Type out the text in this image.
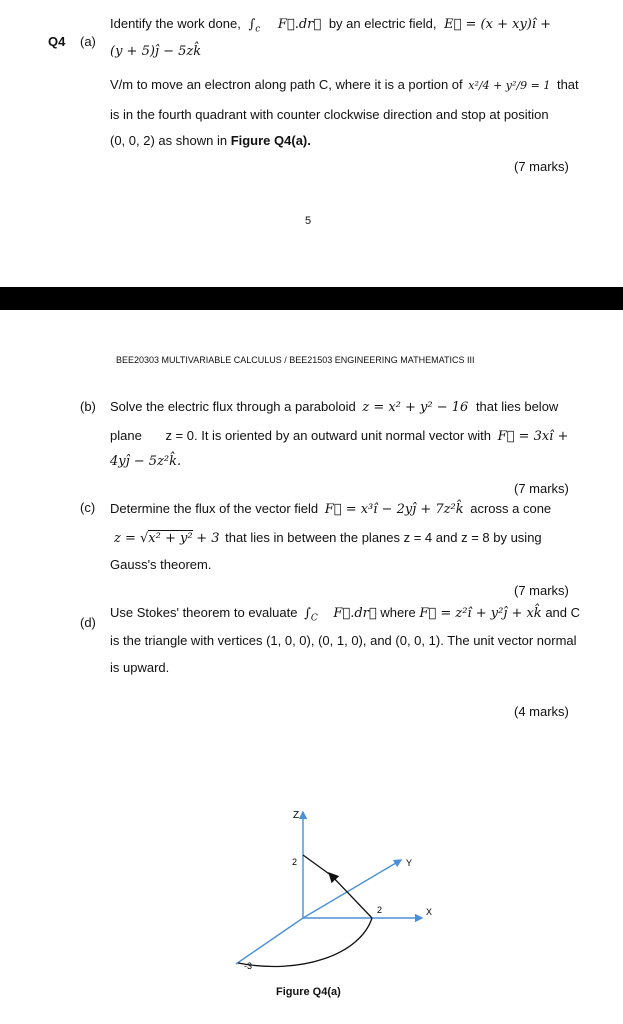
Q4 (a)
Identify the work done, $\int_c$ F⃗.dr⃗ by an electric field, E⃗ = (x + xy)î +
(y + 5)ĵ − 5zk̂
V/m to move an electron along path C, where it is a portion of x²/4 + y²/9 = 1 that
is in the fourth quadrant with counter clockwise direction and stop at position
(0, 0, 2) as shown in Figure Q4(a).
(7 marks)
5
BEE20303 MULTIVARIABLE CALCULUS / BEE21503 ENGINEERING MATHEMATICS III
(b) Solve the electric flux through a paraboloid z = x² + y² − 16 that lies below
plane z = 0. It is oriented by an outward unit normal vector with F⃗ = 3xî +
4yĵ − 5z²k̂.
(7 marks)
(c) Determine the flux of the vector field F⃗ = x³î − 2yĵ + 7z²k̂ across a cone
z = √x² + y² + 3 that lies in between the planes z = 4 and z = 8 by using
Gauss's theorem.
(7 marks)
(d)
Use Stokes' theorem to evaluate $\int_C$ F⃗.dr⃗ where F⃗ = z²î + y²ĵ + xk̂ and C
is the triangle with vertices (1, 0, 0), (0, 1, 0), and (0, 0, 1). The unit vector normal
is upward.
(4 marks)
Z
Y
X
2
2
-3
Figure Q4(a)
